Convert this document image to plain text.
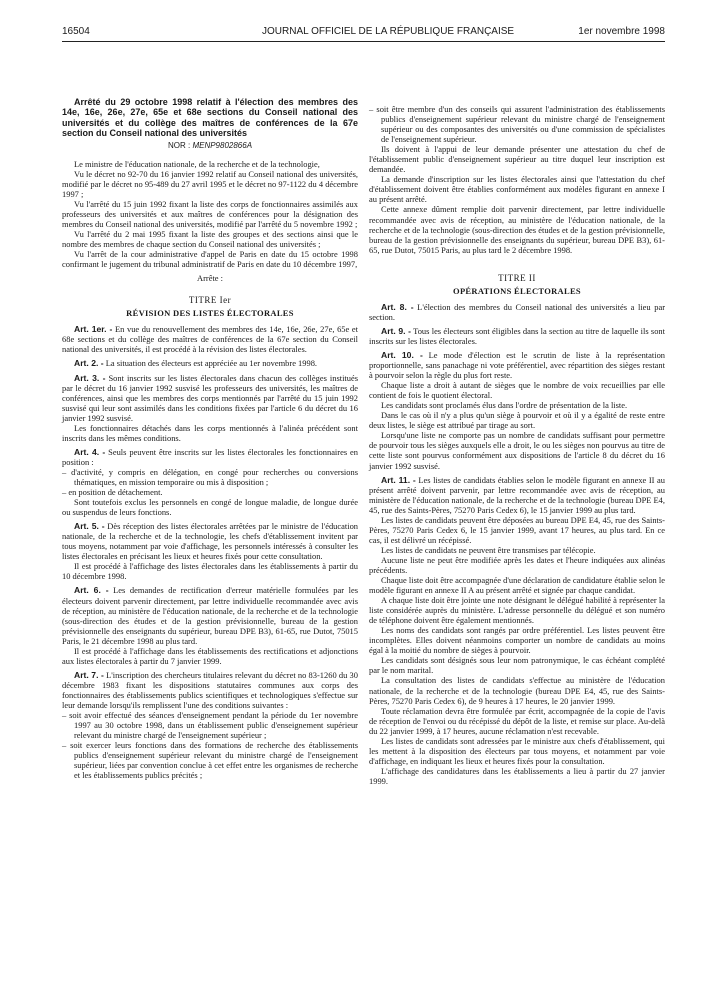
16504	JOURNAL OFFICIEL DE LA RÉPUBLIQUE FRANÇAISE	1er novembre 1998

Arrêté du 29 octobre 1998 relatif à l'élection des membres des 14e, 16e, 26e, 27e, 65e et 68e sections du Conseil national des universités et du collège des maîtres de conférences de la 67e section du Conseil national des universités

NOR : MENP9802866A

Le ministre de l'éducation nationale, de la recherche et de la technologie,

Vu le décret no 92-70 du 16 janvier 1992 relatif au Conseil national des universités, modifié par le décret no 95-489 du 27 avril 1995 et le décret no 97-1122 du 4 décembre 1997 ;

Vu l'arrêté du 15 juin 1992 fixant la liste des corps de fonctionnaires assimilés aux professeurs des universités et aux maîtres de conférences pour la désignation des membres du Conseil national des universités, modifié par l'arrêté du 5 novembre 1992 ;

Vu l'arrêté du 2 mai 1995 fixant la liste des groupes et des sections ainsi que le nombre des membres de chaque section du Conseil national des universités ;

Vu l'arrêt de la cour administrative d'appel de Paris en date du 15 octobre 1998 confirmant le jugement du tribunal administratif de Paris en date du 10 décembre 1997,

Arrête :

TITRE Ier
RÉVISION DES LISTES ÉLECTORALES

Art. 1er. - En vue du renouvellement des membres des 14e, 16e, 26e, 27e, 65e et 68e sections et du collège des maîtres de conférences de la 67e section du Conseil national des universités, il est procédé à la révision des listes électorales.

Art. 2. - La situation des électeurs est appréciée au 1er novembre 1998.

Art. 3. - Sont inscrits sur les listes électorales dans chacun des collèges institués par le décret du 16 janvier 1992 susvisé les professeurs des universités, les maîtres de conférences, ainsi que les membres des corps mentionnés par l'arrêté du 15 juin 1992 susvisé qui leur sont assimilés dans les conditions fixées par l'article 6 du décret du 16 janvier 1992 susvisé.

Les fonctionnaires détachés dans les corps mentionnés à l'alinéa précédent sont inscrits dans les mêmes conditions.

Art. 4. - Seuls peuvent être inscrits sur les listes électorales les fonctionnaires en position :

– d'activité, y compris en délégation, en congé pour recherches ou conversions thématiques, en mission temporaire ou mis à disposition ;

– en position de détachement.

Sont toutefois exclus les personnels en congé de longue maladie, de longue durée ou suspendus de leurs fonctions.

Art. 5. - Dès réception des listes électorales arrêtées par le ministre de l'éducation nationale, de la recherche et de la technologie, les chefs d'établissement invitent par tous moyens, notamment par voie d'affichage, les personnels intéressés à consulter les listes électorales en précisant les lieux et heures fixés pour cette consultation.

Il est procédé à l'affichage des listes électorales dans les établissements à partir du 10 décembre 1998.

Art. 6. - Les demandes de rectification d'erreur matérielle formulées par les électeurs doivent parvenir directement, par lettre individuelle recommandée avec avis de réception, au ministère de l'éducation nationale, de la recherche et de la technologie (sous-direction des études et de la gestion prévisionnelle, bureau de la gestion prévisionnelle des enseignants du supérieur, bureau DPE B3), 61-65, rue Dutot, 75015 Paris, le 21 décembre 1998 au plus tard.

Il est procédé à l'affichage dans les établissements des rectifications et adjonctions aux listes électorales à partir du 7 janvier 1999.

Art. 7. - L'inscription des chercheurs titulaires relevant du décret no 83-1260 du 30 décembre 1983 fixant les dispositions statutaires communes aux corps des fonctionnaires des établissements publics scientifiques et technologiques s'effectue sur leur demande lorsqu'ils remplissent l'une des conditions suivantes :

– soit avoir effectué des séances d'enseignement pendant la période du 1er novembre 1997 au 30 octobre 1998, dans un établissement public d'enseignement supérieur relevant du ministre chargé de l'enseignement supérieur ;

– soit exercer leurs fonctions dans des formations de recherche des établissements publics d'enseignement supérieur relevant du ministre chargé de l'enseignement supérieur, liées par convention conclue à cet effet entre les organismes de recherche et les établissements publics précités ;

– soit être membre d'un des conseils qui assurent l'administration des établissements publics d'enseignement supérieur relevant du ministre chargé de l'enseignement supérieur ou des composantes des universités ou d'une commission de spécialistes de l'enseignement supérieur.

Ils doivent à l'appui de leur demande présenter une attestation du chef de l'établissement public d'enseignement supérieur au titre duquel leur inscription est demandée.

La demande d'inscription sur les listes électorales ainsi que l'attestation du chef d'établissement doivent être établies conformément aux modèles figurant en annexe I au présent arrêté.

Cette annexe dûment remplie doit parvenir directement, par lettre individuelle recommandée avec avis de réception, au ministère de l'éducation nationale, de la recherche et de la technologie (sous-direction des études et de la gestion prévisionnelle, bureau de la gestion prévisionnelle des enseignants du supérieur, bureau DPE B3), 61-65, rue Dutot, 75015 Paris, au plus tard le 2 décembre 1998.

TITRE II
OPÉRATIONS ÉLECTORALES

Art. 8. - L'élection des membres du Conseil national des universités a lieu par section.

Art. 9. - Tous les électeurs sont éligibles dans la section au titre de laquelle ils sont inscrits sur les listes électorales.

Art. 10. - Le mode d'élection est le scrutin de liste à la représentation proportionnelle, sans panachage ni vote préférentiel, avec répartition des sièges restant à pourvoir selon la règle du plus fort reste.

Chaque liste a droit à autant de sièges que le nombre de voix recueillies par elle contient de fois le quotient électoral.

Les candidats sont proclamés élus dans l'ordre de présentation de la liste.

Dans le cas où il n'y a plus qu'un siège à pourvoir et où il y a égalité de reste entre deux listes, le siège est attribué par tirage au sort.

Lorsqu'une liste ne comporte pas un nombre de candidats suffisant pour permettre de pourvoir tous les sièges auxquels elle a droit, le ou les sièges non pourvus au titre de cette liste sont pourvus conformément aux dispositions de l'article 8 du décret du 16 janvier 1992 susvisé.

Art. 11. - Les listes de candidats établies selon le modèle figurant en annexe II au présent arrêté doivent parvenir, par lettre recommandée avec avis de réception, au ministère de l'éducation nationale, de la recherche et de la technologie (bureau DPE E4, 45, rue des Saints-Pères, 75270 Paris Cedex 6), le 15 janvier 1999 au plus tard.

Les listes de candidats peuvent être déposées au bureau DPE E4, 45, rue des Saints-Pères, 75270 Paris Cedex 6, le 15 janvier 1999, avant 17 heures, au plus tard. En ce cas, il est délivré un récépissé.

Les listes de candidats ne peuvent être transmises par télécopie.

Aucune liste ne peut être modifiée après les dates et l'heure indiquées aux alinéas précédents.

Chaque liste doit être accompagnée d'une déclaration de candidature établie selon le modèle figurant en annexe II A au présent arrêté et signée par chaque candidat.

A chaque liste doit être jointe une note désignant le délégué habilité à représenter la liste considérée auprès du ministère. L'adresse personnelle du délégué et son numéro de téléphone doivent être également mentionnés.

Les noms des candidats sont rangés par ordre préférentiel. Les listes peuvent être incomplètes. Elles doivent néanmoins comporter un nombre de candidats au moins égal à la moitié du nombre de sièges à pourvoir.

Les candidats sont désignés sous leur nom patronymique, le cas échéant complété par le nom marital.

La consultation des listes de candidats s'effectue au ministère de l'éducation nationale, de la recherche et de la technologie (bureau DPE E4, 45, rue des Saints-Pères, 75270 Paris Cedex 6), de 9 heures à 17 heures, le 20 janvier 1999.

Toute réclamation devra être formulée par écrit, accompagnée de la copie de l'avis de réception de l'envoi ou du récépissé du dépôt de la liste, et remise sur place. Au-delà du 22 janvier 1999, à 17 heures, aucune réclamation n'est recevable.

Les listes de candidats sont adressées par le ministre aux chefs d'établissement, qui les mettent à la disposition des électeurs par tous moyens, et notamment par voie d'affichage, en indiquant les lieux et heures fixés pour la consultation.

L'affichage des candidatures dans les établissements a lieu à partir du 27 janvier 1999.
